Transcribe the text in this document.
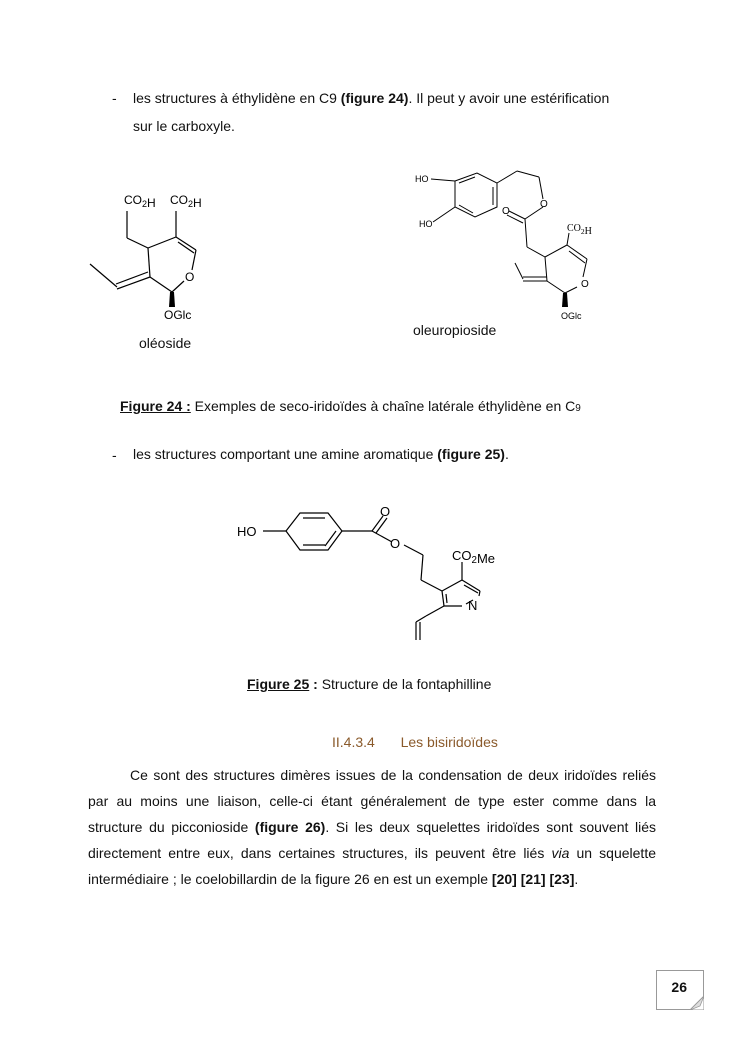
- les structures à éthylidène en C9 (figure 24). Il peut y avoir une estérification
sur le carboxyle.
$CO_2H$ $CO_2H$
O
OGlc
oléoside
HO
HO
O
O
$CO_2H$
O
OGlc
oleuropioside
Figure 24 : Exemples de seco-iridoïdes à chaîne latérale éthylidène en C9
- les structures comportant une amine aromatique (figure 25).
HO
O
O
$CO_2Me$
N
Figure 25 : Structure de la fontaphilline
II.4.3.4 Les bisiridoïdes
Ce sont des structures dimères issues de la condensation de deux iridoïdes reliés par au moins une liaison, celle-ci étant généralement de type ester comme dans la structure du picconioside (figure 26). Si les deux squelettes iridoïdes sont souvent liés directement entre eux, dans certaines structures, ils peuvent être liés via un squelette intermédiaire ; le coelobillardin de la figure 26 en est un exemple [20] [21] [23].
26
